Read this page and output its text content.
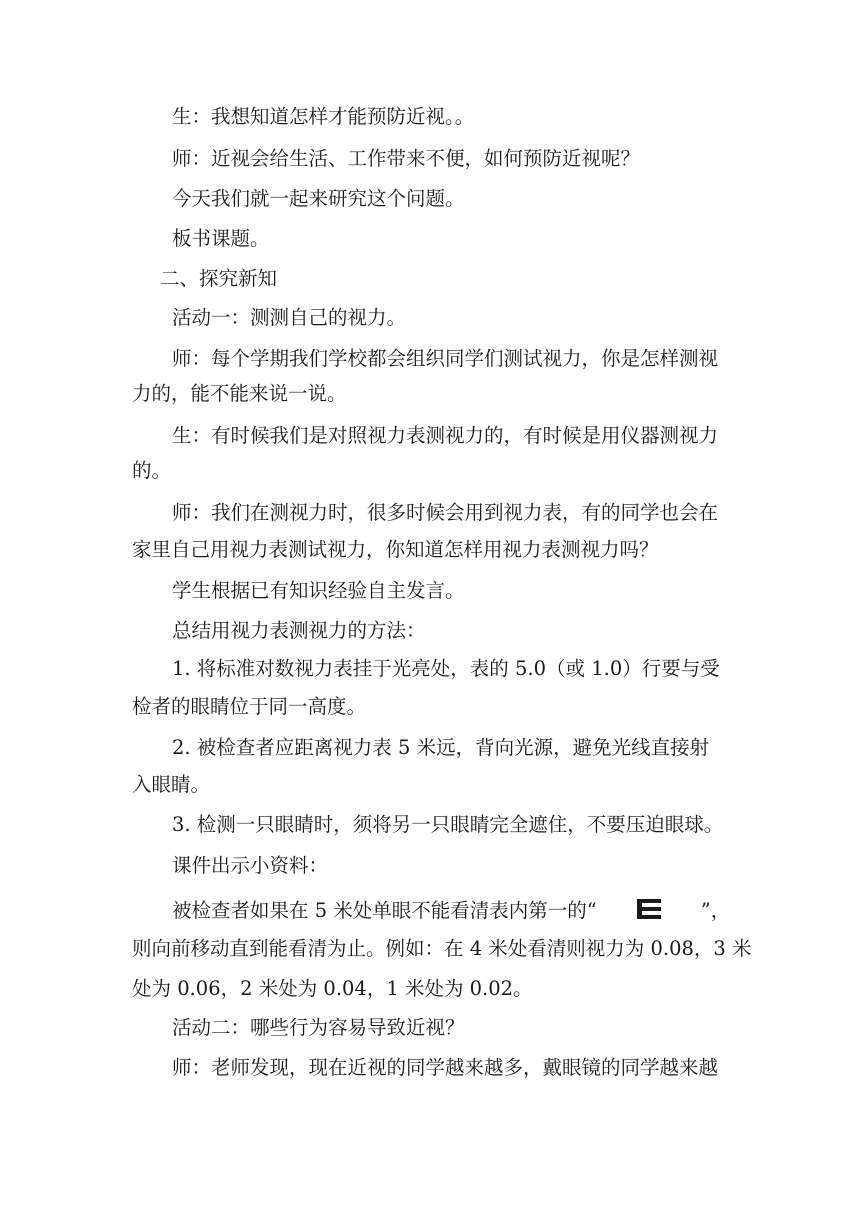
生：我想知道怎样才能预防近视。。
师：近视会给生活、工作带来不便，如何预防近视呢？
今天我们就一起来研究这个问题。
板书课题。
二、探究新知
活动一：测测自己的视力。
师：每个学期我们学校都会组织同学们测试视力，你是怎样测视
力的，能不能来说一说。
生：有时候我们是对照视力表测视力的，有时候是用仪器测视力
的。
师：我们在测视力时，很多时候会用到视力表，有的同学也会在
家里自己用视力表测试视力，你知道怎样用视力表测视力吗？
学生根据已有知识经验自主发言。
总结用视力表测视力的方法：
1. 将标准对数视力表挂于光亮处，表的 5.0（或 1.0）行要与受
检者的眼睛位于同一高度。
2. 被检查者应距离视力表 5 米远，背向光源，避免光线直接射
入眼睛。
3. 检测一只眼睛时，须将另一只眼睛完全遮住，不要压迫眼球。
课件出示小资料：
被检查者如果在 5 米处单眼不能看清表内第一的“	”，
则向前移动直到能看清为止。例如：在 4 米处看清则视力为 0.08，3 米
处为 0.06，2 米处为 0.04，1 米处为 0.02。
活动二：哪些行为容易导致近视？
师：老师发现，现在近视的同学越来越多，戴眼镜的同学越来越
